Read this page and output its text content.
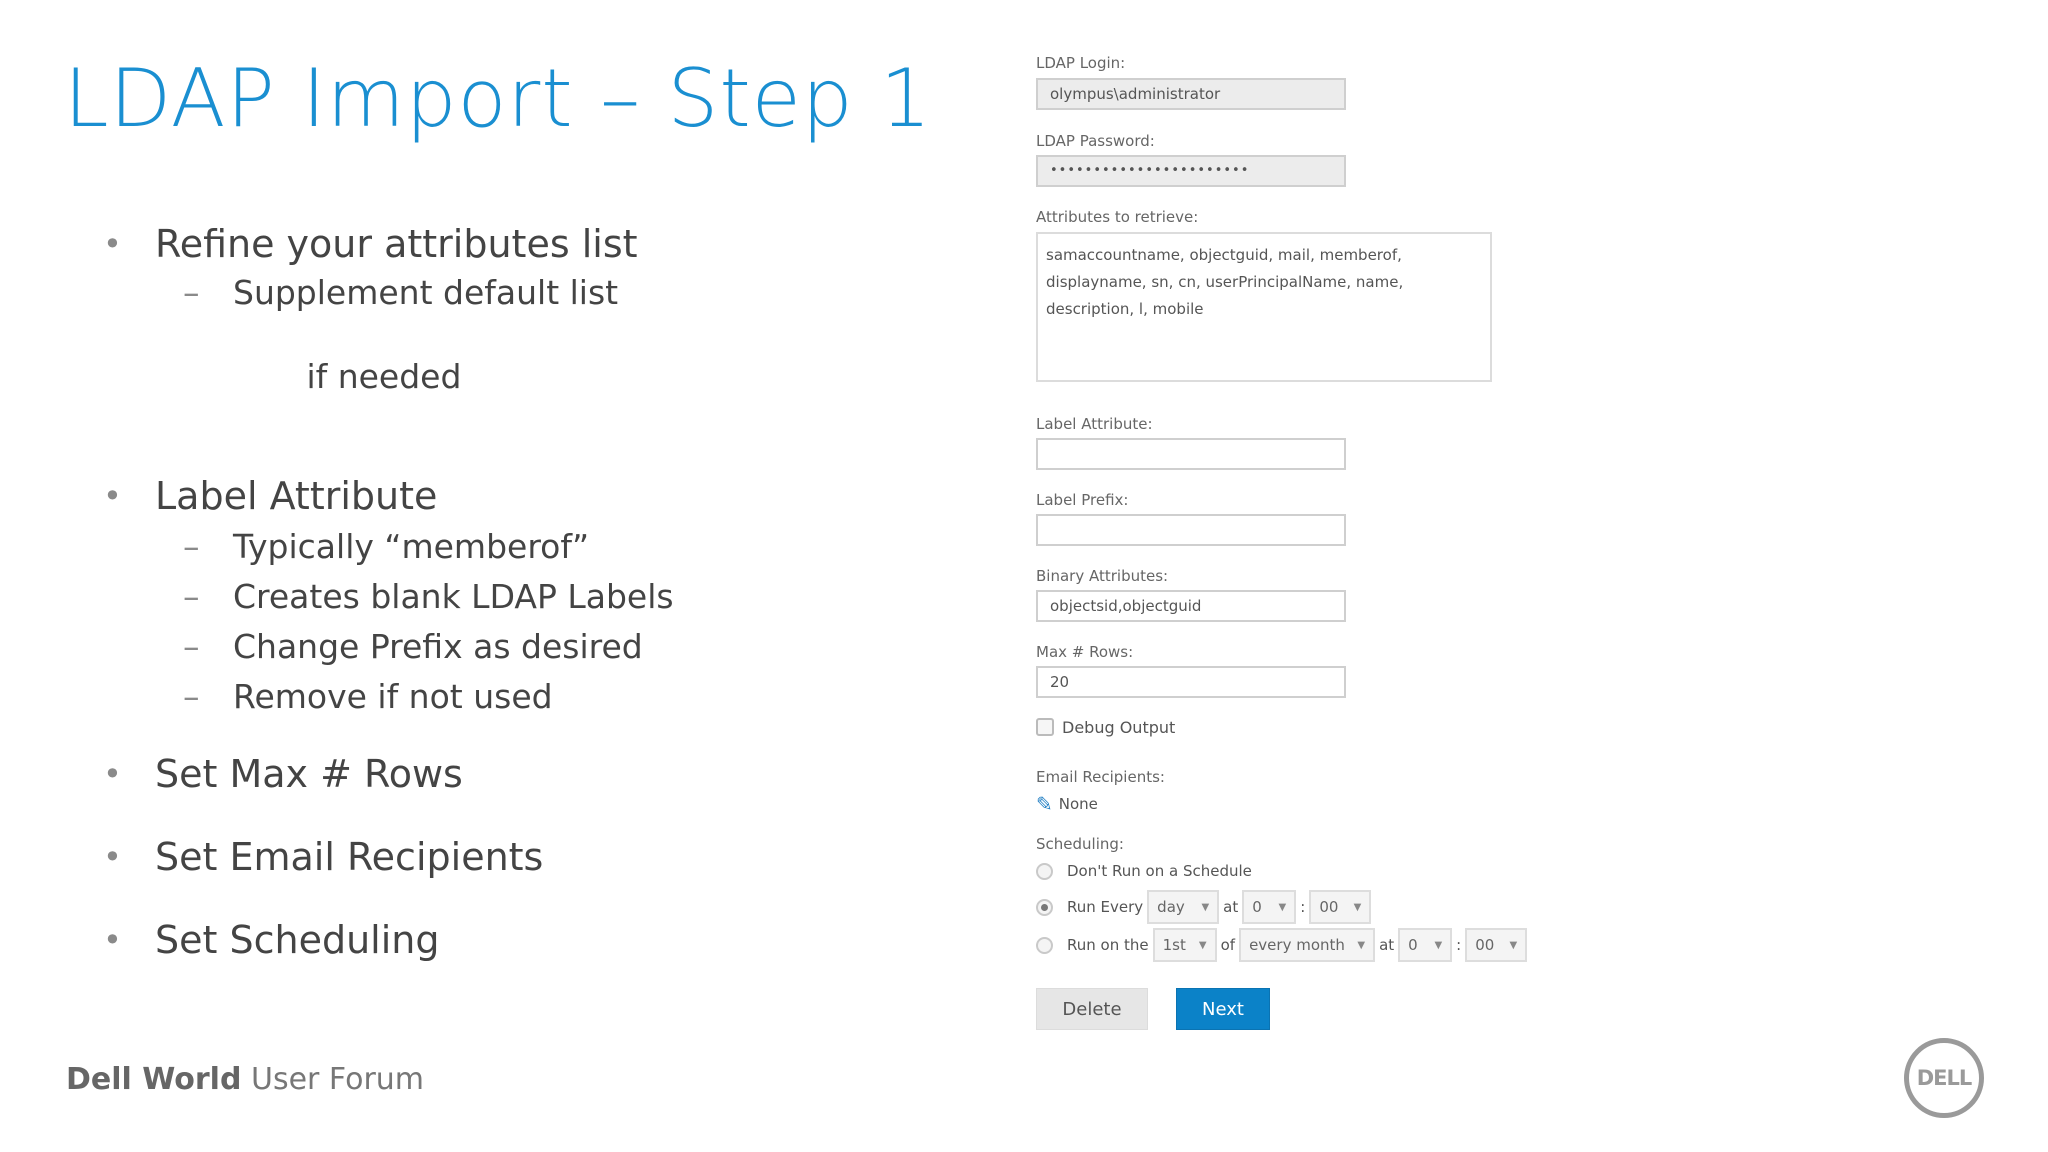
LDAP Import – Step 1
• Refine your attributes list
– Supplement default list

if needed

• Label Attribute
– Typically “memberof”
– Creates blank LDAP Labels
– Change Prefix as desired
– Remove if not used
• Set Max # Rows
• Set Email Recipients
• Set Scheduling
LDAP Login:
olympus\administrator
LDAP Password:
•••••••••••••••••••••••
Attributes to retrieve:
samaccountname, objectguid, mail, memberof,
displayname, sn, cn, userPrincipalName, name,
description, l, mobile
Label Attribute:
Label Prefix:
Binary Attributes:
objectsid,objectguid
Max # Rows:
20
Debug Output
Email Recipients:
✎ None
Scheduling:
Don't Run on a Schedule
Run Every day ▼ at 0 ▼ : 00 ▼
Run on the 1st ▼ of every month ▼ at 0 ▼ : 00 ▼
Delete	Next
Dell World User Forum	DELL
